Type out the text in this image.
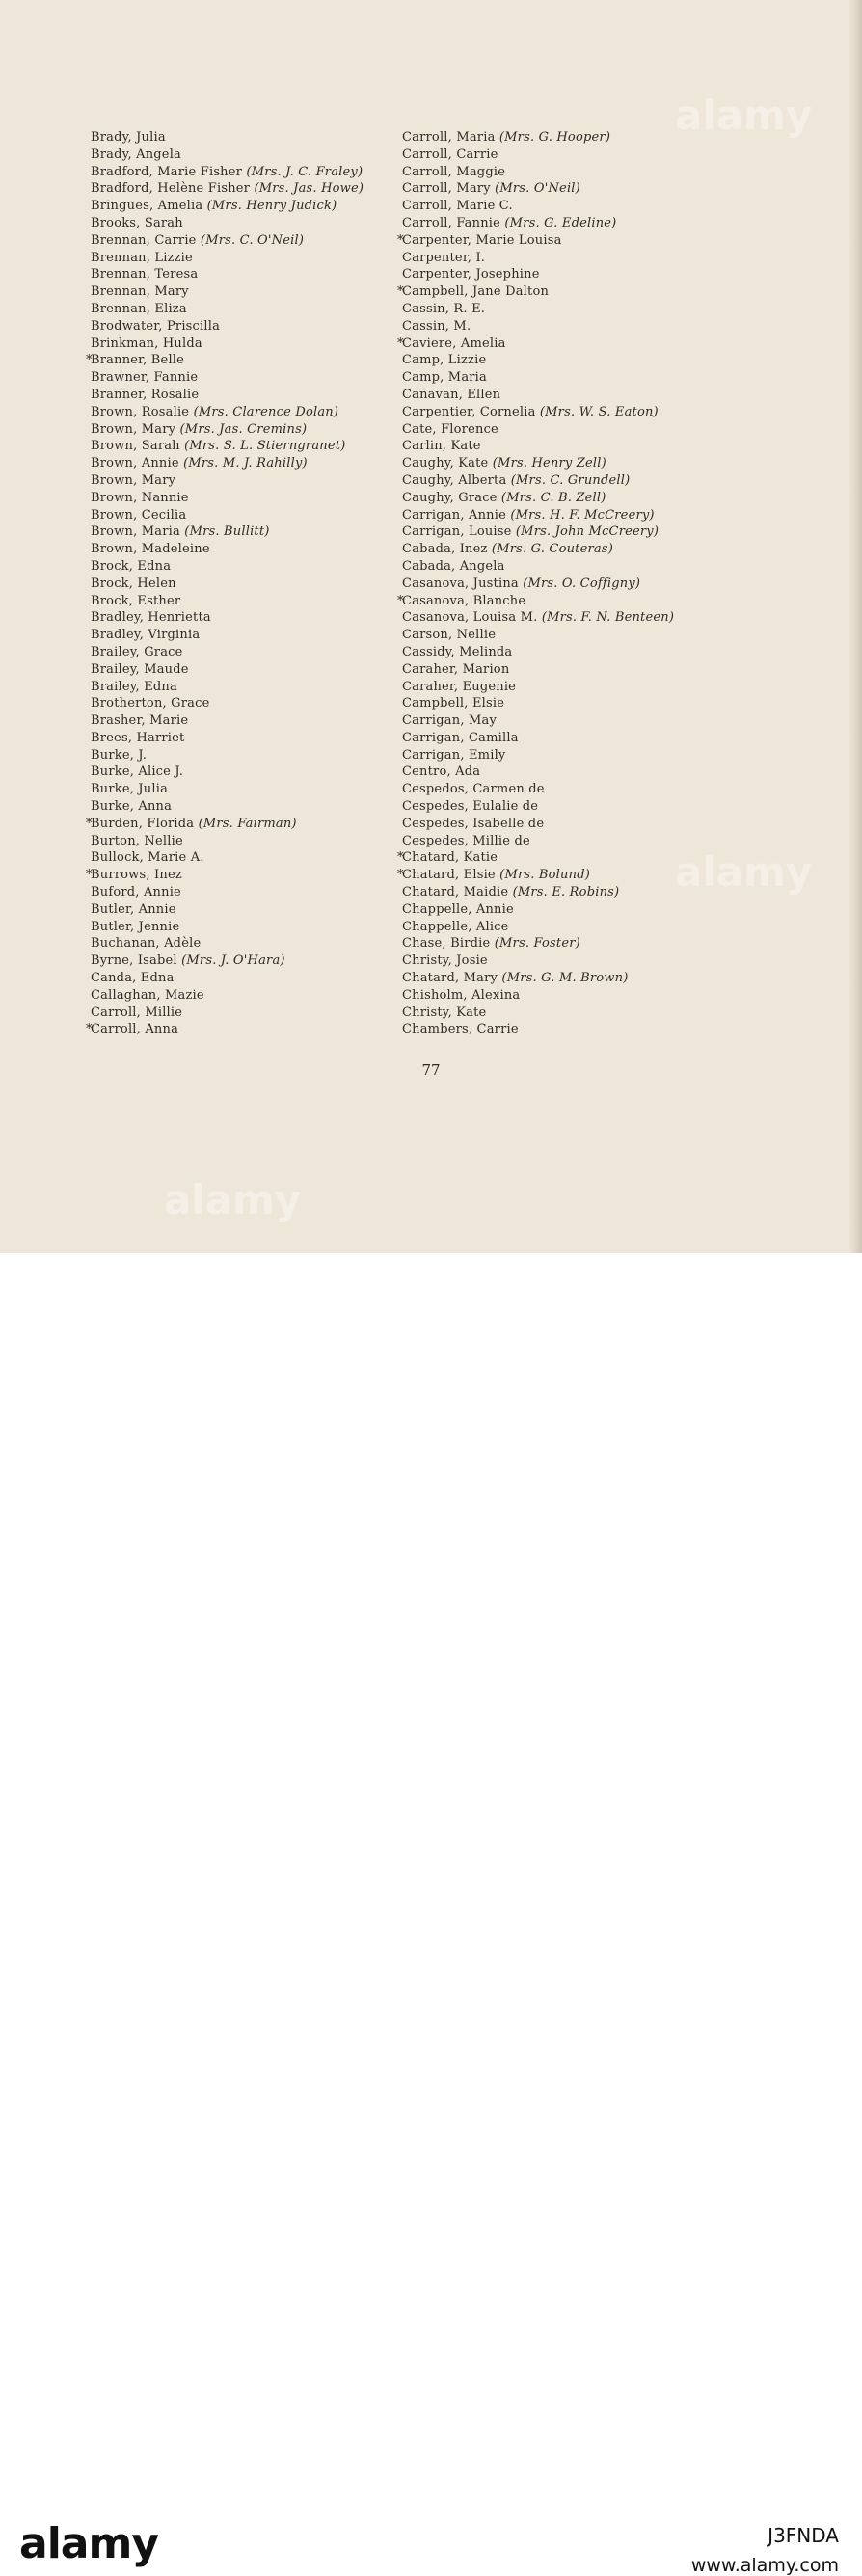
alamy
alamy
alamy
Brady, Julia
Brady, Angela
Bradford, Marie Fisher (Mrs. J. C. Fraley)
Bradford, Helène Fisher (Mrs. Jas. Howe)
Bringues, Amelia (Mrs. Henry Judick)
Brooks, Sarah
Brennan, Carrie (Mrs. C. O'Neil)
Brennan, Lizzie
Brennan, Teresa
Brennan, Mary
Brennan, Eliza
Brodwater, Priscilla
Brinkman, Hulda
*Branner, Belle
Brawner, Fannie
Branner, Rosalie
Brown, Rosalie (Mrs. Clarence Dolan)
Brown, Mary (Mrs. Jas. Cremins)
Brown, Sarah (Mrs. S. L. Stierngranet)
Brown, Annie (Mrs. M. J. Rahilly)
Brown, Mary
Brown, Nannie
Brown, Cecilia
Brown, Maria (Mrs. Bullitt)
Brown, Madeleine
Brock, Edna
Brock, Helen
Brock, Esther
Bradley, Henrietta
Bradley, Virginia
Brailey, Grace
Brailey, Maude
Brailey, Edna
Brotherton, Grace
Brasher, Marie
Brees, Harriet
Burke, J.
Burke, Alice J.
Burke, Julia
Burke, Anna
*Burden, Florida (Mrs. Fairman)
Burton, Nellie
Bullock, Marie A.
*Burrows, Inez
Buford, Annie
Butler, Annie
Butler, Jennie
Buchanan, Adèle
Byrne, Isabel (Mrs. J. O'Hara)
Canda, Edna
Callaghan, Mazie
Carroll, Millie
*Carroll, Anna
Carroll, Maria (Mrs. G. Hooper)
Carroll, Carrie
Carroll, Maggie
Carroll, Mary (Mrs. O'Neil)
Carroll, Marie C.
Carroll, Fannie (Mrs. G. Edeline)
*Carpenter, Marie Louisa
Carpenter, I.
Carpenter, Josephine
*Campbell, Jane Dalton
Cassin, R. E.
Cassin, M.
*Caviere, Amelia
Camp, Lizzie
Camp, Maria
Canavan, Ellen
Carpentier, Cornelia (Mrs. W. S. Eaton)
Cate, Florence
Carlin, Kate
Caughy, Kate (Mrs. Henry Zell)
Caughy, Alberta (Mrs. C. Grundell)
Caughy, Grace (Mrs. C. B. Zell)
Carrigan, Annie (Mrs. H. F. McCreery)
Carrigan, Louise (Mrs. John McCreery)
Cabada, Inez (Mrs. G. Couteras)
Cabada, Angela
Casanova, Justina (Mrs. O. Coffigny)
*Casanova, Blanche
Casanova, Louisa M. (Mrs. F. N. Benteen)
Carson, Nellie
Cassidy, Melinda
Caraher, Marion
Caraher, Eugenie
Campbell, Elsie
Carrigan, May
Carrigan, Camilla
Carrigan, Emily
Centro, Ada
Cespedos, Carmen de
Cespedes, Eulalie de
Cespedes, Isabelle de
Cespedes, Millie de
*Chatard, Katie
*Chatard, Elsie (Mrs. Bolund)
Chatard, Maidie (Mrs. E. Robins)
Chappelle, Annie
Chappelle, Alice
Chase, Birdie (Mrs. Foster)
Christy, Josie
Chatard, Mary (Mrs. G. M. Brown)
Chisholm, Alexina
Christy, Kate
Chambers, Carrie
77
alamy	J3FNDA
www.alamy.com
